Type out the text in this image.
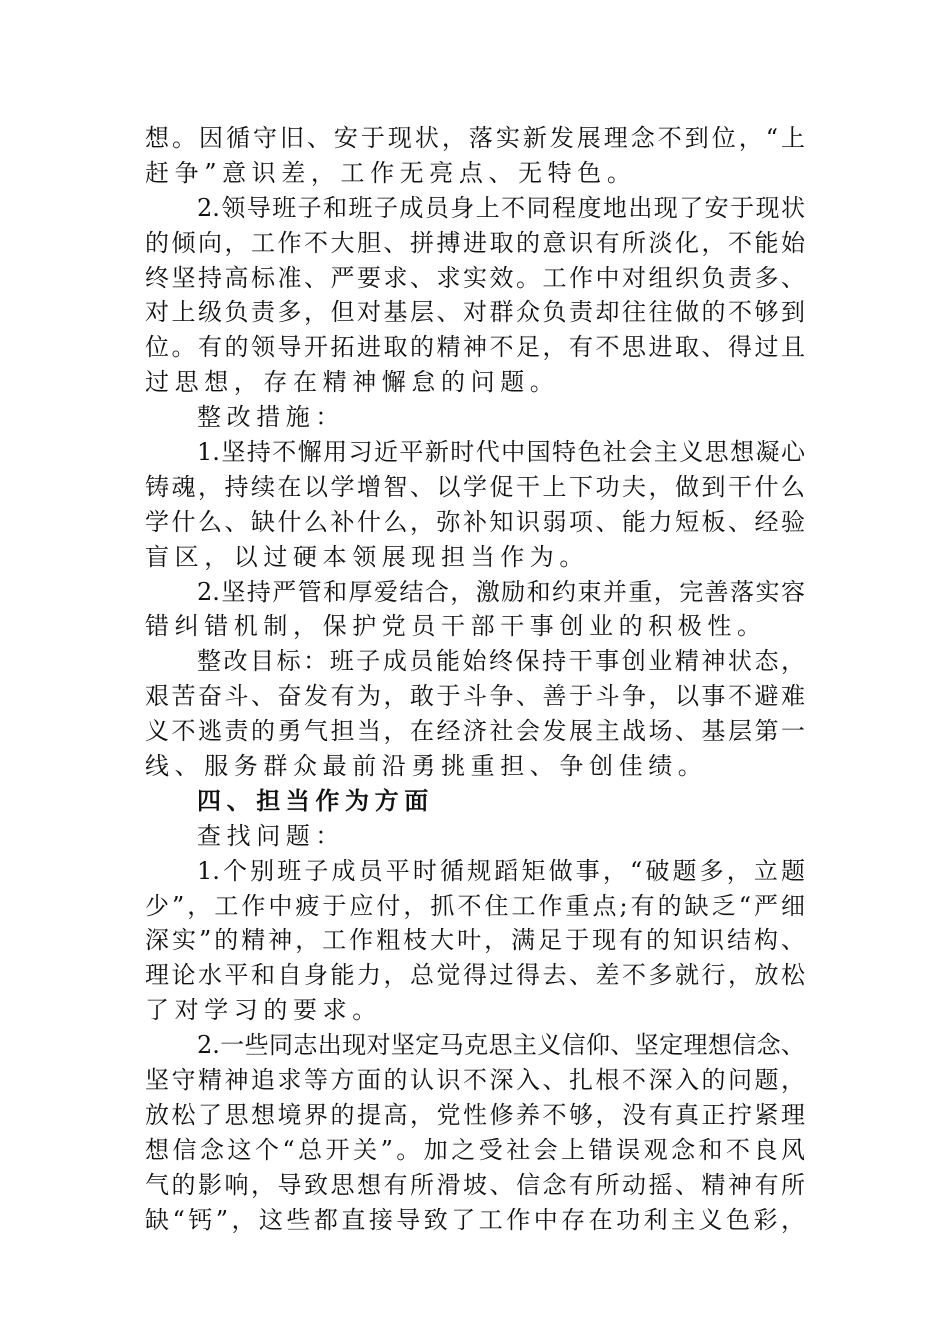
想。因循守旧、安于现状，落实新发展理念不到位，“上
赶争”意识差，工作无亮点、无特色。
2.领导班子和班子成员身上不同程度地出现了安于现状
的倾向，工作不大胆、拼搏进取的意识有所淡化，不能始
终坚持高标准、严要求、求实效。工作中对组织负责多、
对上级负责多，但对基层、对群众负责却往往做的不够到
位。有的领导开拓进取的精神不足，有不思进取、得过且
过思想，存在精神懈怠的问题。
整改措施：
1.坚持不懈用习近平新时代中国特色社会主义思想凝心
铸魂，持续在以学增智、以学促干上下功夫，做到干什么
学什么、缺什么补什么，弥补知识弱项、能力短板、经验
盲区，以过硬本领展现担当作为。
2.坚持严管和厚爱结合，激励和约束并重，完善落实容
错纠错机制，保护党员干部干事创业的积极性。
整改目标：班子成员能始终保持干事创业精神状态，
艰苦奋斗、奋发有为，敢于斗争、善于斗争，以事不避难
义不逃责的勇气担当，在经济社会发展主战场、基层第一
线、服务群众最前沿勇挑重担、争创佳绩。
四、担当作为方面
查找问题：
1.个别班子成员平时循规蹈矩做事，“破题多，立题
少”，工作中疲于应付，抓不住工作重点;有的缺乏“严细
深实”的精神，工作粗枝大叶，满足于现有的知识结构、
理论水平和自身能力，总觉得过得去、差不多就行，放松
了对学习的要求。
2.一些同志出现对坚定马克思主义信仰、坚定理想信念、
坚守精神追求等方面的认识不深入、扎根不深入的问题，
放松了思想境界的提高，党性修养不够，没有真正拧紧理
想信念这个“总开关”。加之受社会上错误观念和不良风
气的影响，导致思想有所滑坡、信念有所动摇、精神有所
缺“钙”，这些都直接导致了工作中存在功利主义色彩，
